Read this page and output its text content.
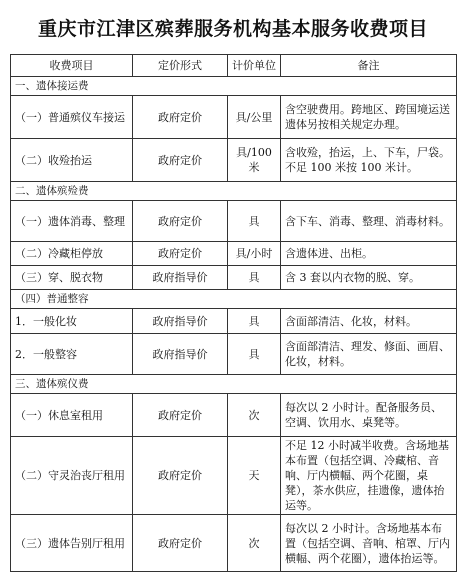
重庆市江津区殡葬服务机构基本服务收费项目
收费项目	定价形式	计价单位	备注
一、遗体接运费			
（一）普通殡仪车接运	政府定价	具/公里	含空驶费用。跨地区、跨国境运送遗体另按相关规定办理。
（二）收殓抬运	政府定价	具/100米	含收殓，抬运，上、下车，尸袋。不足 100 米按 100 米计。
二、遗体殡殓费			
（一）遗体消毒、整理	政府定价	具	含下车、消毒、整理、消毒材料。
（二）冷藏柜停放	政府定价	具/小时	含遗体进、出柜。
（三）穿、脱衣物	政府指导价	具	含 3 套以内衣物的脱、穿。
（四）普通整容			
1．一般化妆	政府指导价	具	含面部清洁、化妆，材料。
2．一般整容	政府指导价	具	含面部清洁、理发、修面、画眉、化妆，材料。
三、遗体殡仪费			
（一）休息室租用	政府定价	次	每次以 2 小时计。配备服务员、空调、饮用水、桌凳等。
（二）守灵治丧厅租用	政府定价	天	不足 12 小时减半收费。含场地基本布置（包括空调、冷藏棺、音响、厅内横幅、两个花圈，桌凳），茶水供应，挂遗像，遗体抬运等。
（三）遗体告别厅租用	政府定价	次	每次以 2 小时计。含场地基本布置（包括空调、音响、棺罩、厅内横幅、两个花圈），遗体抬运等。
